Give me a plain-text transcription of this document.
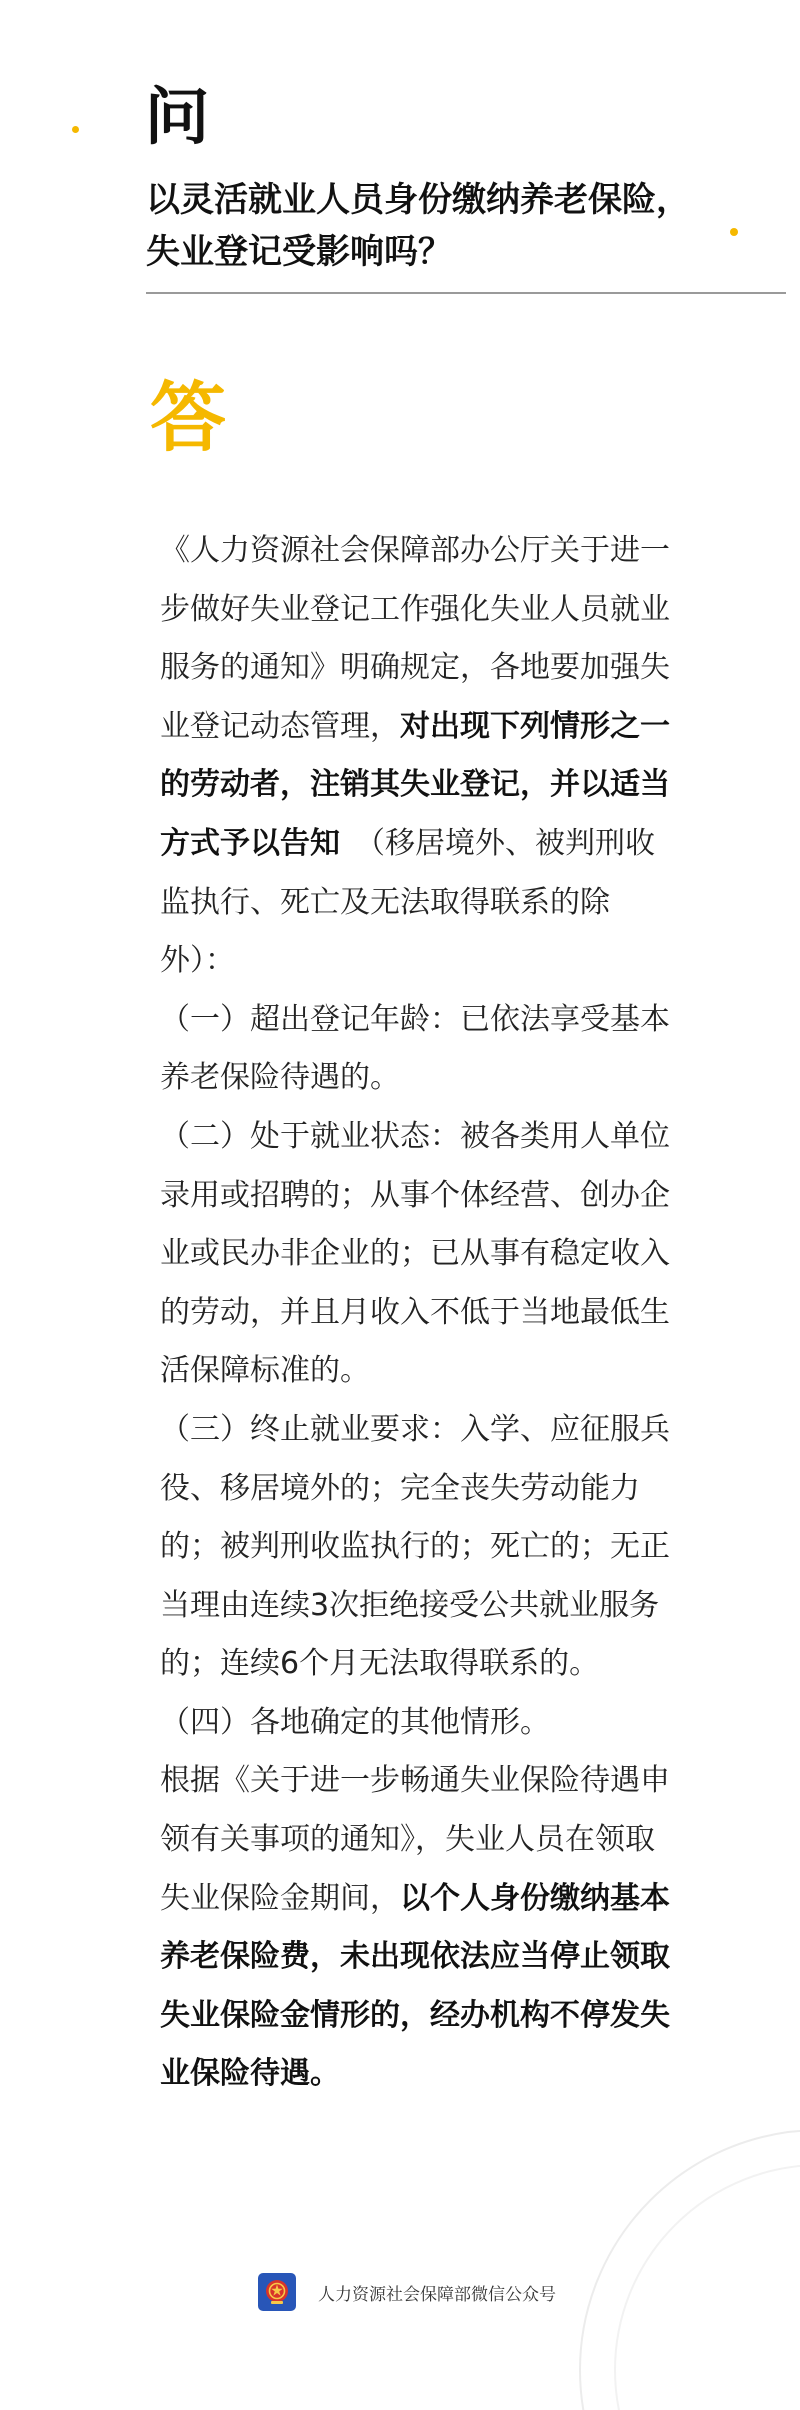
问
以灵活就业人员身份缴纳养老保险，
失业登记受影响吗？
答

《人力资源社会保障部办公厅关于进一步做好失业登记工作强化失业人员就业服务的通知》明确规定，各地要加强失业登记动态管理，对出现下列情形之一的劳动者，注销其失业登记，并以适当方式予以告知　 （移居境外、被判刑收监执行、死亡及无法取得联系的除外）：

（一）超出登记年龄：已依法享受基本养老保险待遇的。

（二）处于就业状态：被各类用人单位录用或招聘的；从事个体经营、创办企业或民办非企业的；已从事有稳定收入的劳动，并且月收入不低于当地最低生活保障标准的。

（三）终止就业要求：入学、应征服兵役、移居境外的；完全丧失劳动能力的；被判刑收监执行的；死亡的；无正当理由连续3次拒绝接受公共就业服务的；连续6个月无法取得联系的。

（四）各地确定的其他情形。

根据《关于进一步畅通失业保险待遇申领有关事项的通知》，失业人员在领取失业保险金期间，以个人身份缴纳基本养老保险费，未出现依法应当停止领取失业保险金情形的，经办机构不停发失业保险待遇。

人力资源社会保障部微信公众号
